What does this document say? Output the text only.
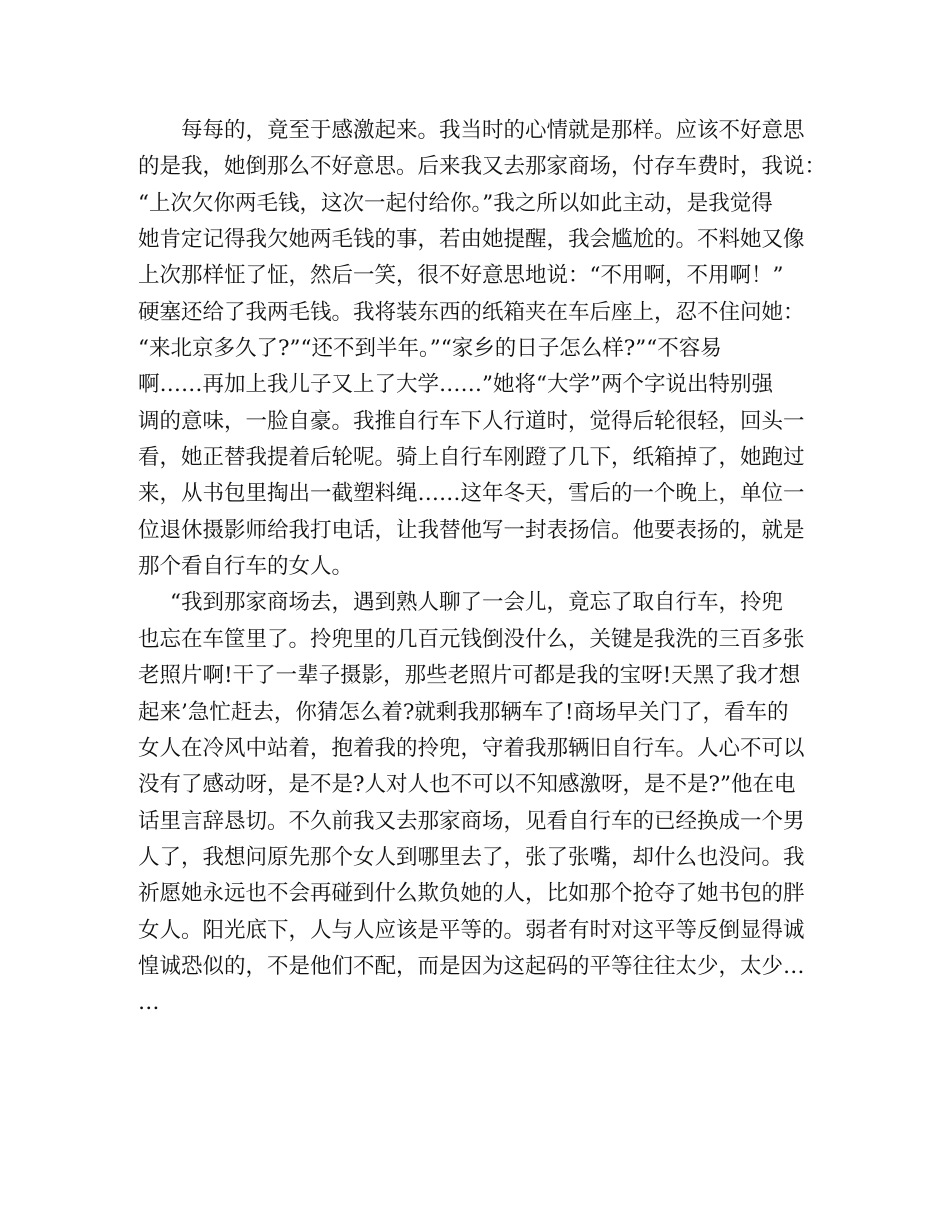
每每的，竟至于感激起来。我当时的心情就是那样。应该不好意思
的是我，她倒那么不好意思。后来我又去那家商场，付存车费时，我说：
“上次欠你两毛钱，这次一起付给你。”我之所以如此主动，是我觉得
她肯定记得我欠她两毛钱的事，若由她提醒，我会尴尬的。不料她又像
上次那样怔了怔，然后一笑，很不好意思地说：“不用啊，不用啊！”
硬塞还给了我两毛钱。我将装东西的纸箱夹在车后座上，忍不住问她：
“来北京多久了?”“还不到半年。”“家乡的日子怎么样?”“不容易
啊……再加上我儿子又上了大学……”她将“大学”两个字说出特别强
调的意味，一脸自豪。我推自行车下人行道时，觉得后轮很轻，回头一
看，她正替我提着后轮呢。骑上自行车刚蹬了几下，纸箱掉了，她跑过
来，从书包里掏出一截塑料绳……这年冬天，雪后的一个晚上，单位一
位退休摄影师给我打电话，让我替他写一封表扬信。他要表扬的，就是
那个看自行车的女人。
“我到那家商场去，遇到熟人聊了一会儿，竟忘了取自行车，拎兜
也忘在车筐里了。拎兜里的几百元钱倒没什么，关键是我洗的三百多张
老照片啊!干了一辈子摄影，那些老照片可都是我的宝呀!天黑了我才想
起来’急忙赶去，你猜怎么着?就剩我那辆车了!商场早关门了，看车的
女人在冷风中站着，抱着我的拎兜，守着我那辆旧自行车。人心不可以
没有了感动呀，是不是?人对人也不可以不知感激呀，是不是?”他在电
话里言辞恳切。不久前我又去那家商场，见看自行车的已经换成一个男
人了，我想问原先那个女人到哪里去了，张了张嘴，却什么也没问。我
祈愿她永远也不会再碰到什么欺负她的人，比如那个抢夺了她书包的胖
女人。阳光底下，人与人应该是平等的。弱者有时对这平等反倒显得诚
惶诚恐似的，不是他们不配，而是因为这起码的平等往往太少，太少…
…
